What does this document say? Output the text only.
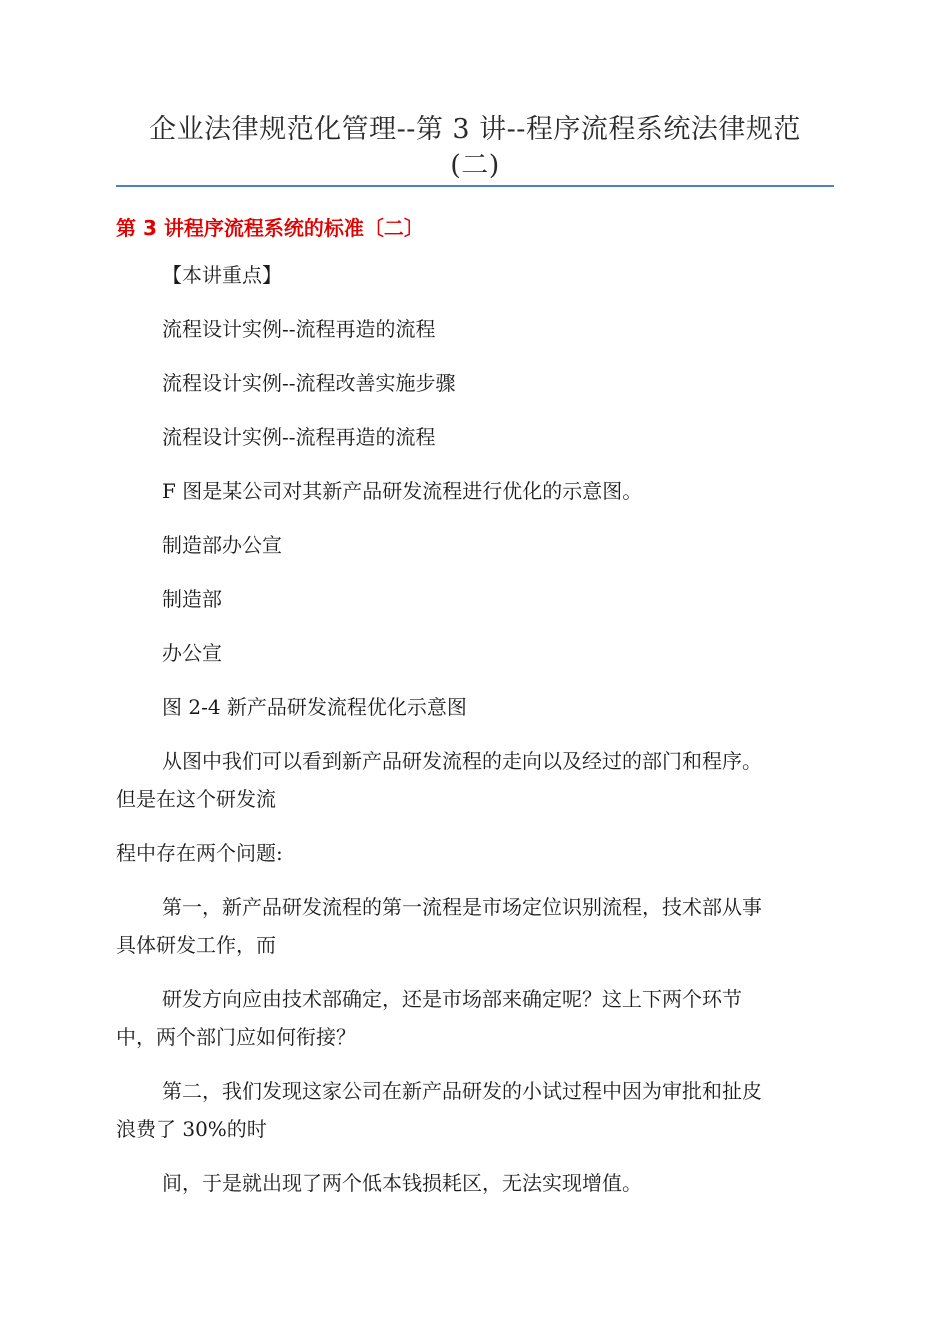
企业法律规范化管理--第 3 讲--程序流程系统法律规范
(二)
第 3 讲程序流程系统的标准〔二〕

【本讲重点】

流程设计实例--流程再造的流程

流程设计实例--流程改善实施步骤

流程设计实例--流程再造的流程

F 图是某公司对其新产品研发流程进行优化的示意图。

制造部办公宣

制造部

办公宣

图 2-4 新产品研发流程优化示意图

从图中我们可以看到新产品研发流程的走向以及经过的部门和程序。

但是在这个研发流

程中存在两个问题:

第一，新产品研发流程的第一流程是市场定位识别流程，技术部从事

具体研发工作，而

研发方向应由技术部确定，还是市场部来确定呢？这上下两个环节

中，两个部门应如何衔接？

第二，我们发现这家公司在新产品研发的小试过程中因为审批和扯皮

浪费了 30%的时

间，于是就出现了两个低本钱损耗区，无法实现增值。
